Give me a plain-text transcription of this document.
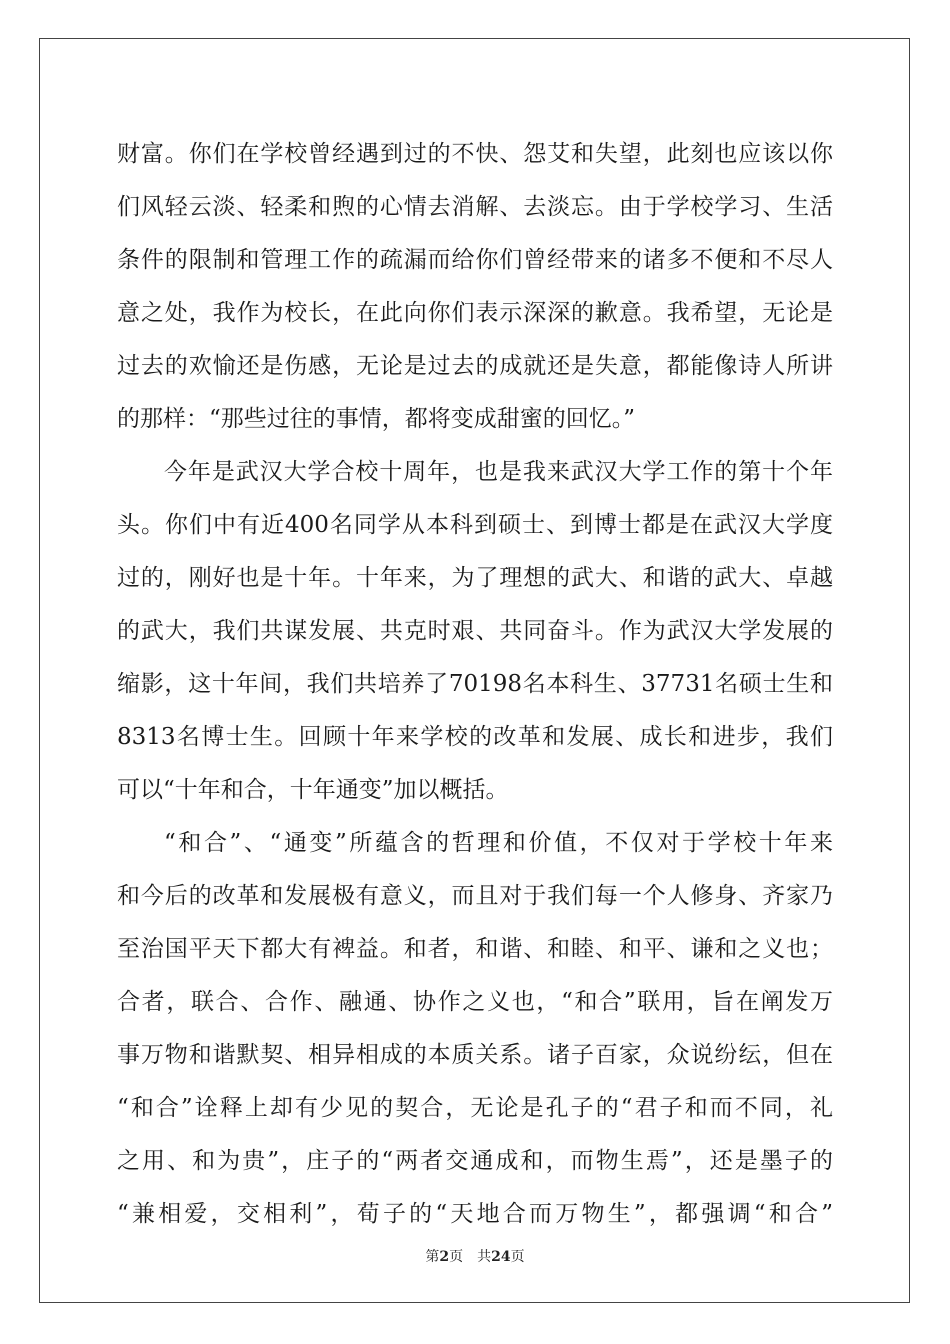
财富。你们在学校曾经遇到过的不快、怨艾和失望，此刻也应该以你
们风轻云淡、轻柔和煦的心情去消解、去淡忘。由于学校学习、生活
条件的限制和管理工作的疏漏而给你们曾经带来的诸多不便和不尽人
意之处，我作为校长，在此向你们表示深深的歉意。我希望，无论是
过去的欢愉还是伤感，无论是过去的成就还是失意，都能像诗人所讲
的那样：“那些过往的事情，都将变成甜蜜的回忆。”
今年是武汉大学合校十周年，也是我来武汉大学工作的第十个年
头。你们中有近400名同学从本科到硕士、到博士都是在武汉大学度
过的，刚好也是十年。十年来，为了理想的武大、和谐的武大、卓越
的武大，我们共谋发展、共克时艰、共同奋斗。作为武汉大学发展的
缩影，这十年间，我们共培养了70198名本科生、37731名硕士生和
8313名博士生。回顾十年来学校的改革和发展、成长和进步，我们
可以“十年和合，十年通变”加以概括。
“和合”、“通变”所蕴含的哲理和价值，不仅对于学校十年来
和今后的改革和发展极有意义，而且对于我们每一个人修身、齐家乃
至治国平天下都大有裨益。和者，和谐、和睦、和平、谦和之义也；
合者，联合、合作、融通、协作之义也，“和合”联用，旨在阐发万
事万物和谐默契、相异相成的本质关系。诸子百家，众说纷纭，但在
“和合”诠释上却有少见的契合，无论是孔子的“君子和而不同，礼
之用、和为贵”，庄子的“两者交通成和，而物生焉”，还是墨子的
“兼相爱，交相利”，荀子的“天地合而万物生”，都强调“和合”
第2页 共24页
